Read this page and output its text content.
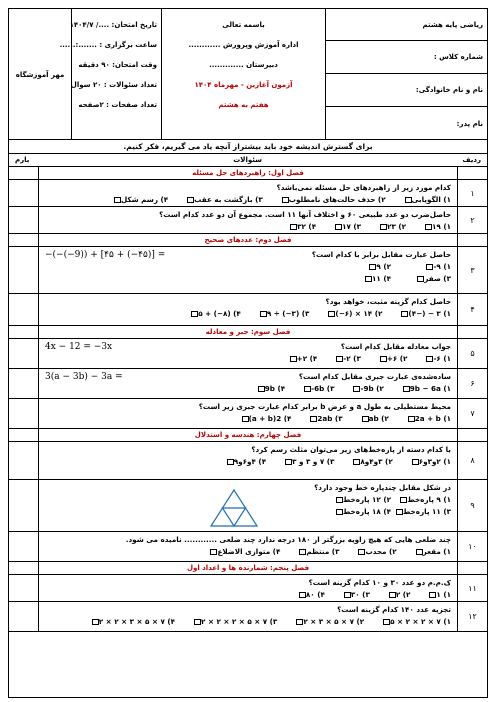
ریاضی پایه هشتم
شماره کلاس :
نام و نام خانوادگی:
نام پدر:
باسمه تعالی
اداره آموزش وپرورش ............
دبیرستان .............
آزمون آغازین - مهرماه ۱۴۰۴
هفتم به هشتم
تاریخ امتحان: ..../ ۱۴۰۴/۷
ساعت برگزاری : .......:......
وقت امتحان: ۹۰ دقیقه
تعداد سئوالات : ۲۰ سوال
تعداد صفحات : ۲صفحه
مهر آموزشگاه
برای گسترش اندیشه خود باید بیشتراز آنچه یاد می گیریم، فکر کنیم.
ردیف
سئوالات
بارم
فصل اول: راهبردهای حل مسئله
۱
کدام مورد زیر از راهبردهای حل مسئله نمی‌باشد؟
۱) الگویابی
۲) حذف حالت‌های نامطلوب
۳) بازگشت به عقب
۴) رسم شکل
۲
حاصل‌ضرب دو عدد طبیعی ۶۰ و اختلاف آنها ۱۱ است. مجموع آن دو عدد کدام است؟
۱) ۱۹
۲) ۲۳
۳) ۱۷
۴) ۳۲
فصل دوم: عددهای صحیح
۳
−(−(−9)) + [۴۵ + (−۴۵)] =	حاصل عبارت مقابل برابر با کدام است؟
۱) ۹-
۲) ۹
۳) صفر
۴) ۱۱
۴
حاصل کدام گزینه مثبت، خواهد بود؟
۱) ۳ − (−۴)
۲) ۱۴ × (۶−)
۳) (۳−) ÷ ۹
۴) (۸−) + ۵
فصل سوم: جبر و معادله
۵
4x − 12 = −3x	جواب معادله مقابل کدام است؟
۱) ۶-
۲) ۶+
۳) ۲-
۴) ۲+
۶
3(a − 3b) − 3a =	ساده‌شده‌ی عبارت جبری مقابل کدام است؟
۱) 9b − 6a
۲) 9b-
۳) 6b-
۴) 9b
۷
محیط مستطیلی به طول a و عرض b برابر کدام عبارت جبری زیر است؟
۱) 2a + b
۲) ab
۳) 2ab
۴) 2(a + b)
فصل چهارم: هندسه و استدلال
۸
با کدام دسته از پاره‌خط‌های زیر می‌توان مثلث رسم کرد؟
۱) ۲و۳و۶
۲) ۳و۴و۸
۳) ۷ و ۳ و ۳
۴) ۴و۶و۹
۹
در شکل مقابل چندپاره خط وجود دارد؟
۱) ۹ پاره‌خط
۲) ۱۲ پاره‌خط
۳) ۱۱ پاره‌خط
۴) ۱۸ پاره‌خط
۱۰
چند ضلعی هایی که هیچ زاویه بزرگتر از ۱۸۰ درجه ندارد چند ضلعی ............ نامیده می شود.
۱) مقعر
۲) محدب
۳) منتظم
۴) متوازی الاضلاع
فصل پنجم: شمارنده ها و اعداد اول
۱۱
ک.م.م دو عدد ۳۰ و ۱۰ کدام گزینه است؟
۱) ۱
۲) ۲
۳) ۳۰
۴) ۸۰
۱۲
تجزیه عدد ۱۴۰ کدام گزینه است؟
۱) ۷ × ۲ × ۲ × ۵
۲) ۷ × ۵ × ۳ × ۲
۳) ۷ × ۵ × ۲ × ۲ × ۲
۴) ۷ × ۵ × ۳ × ۲ × ۲
